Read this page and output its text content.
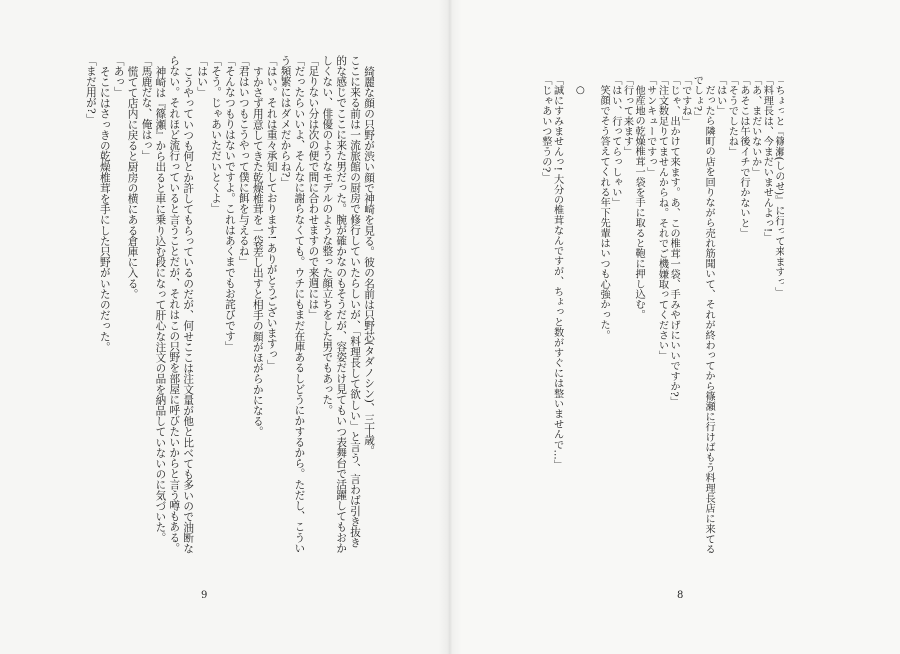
綺麗な顔の只野が渋い顔で神崎を見る。彼の名前は只野芯(タダノシン)、三十歳。
ここに来る前は一流旅館の厨房で修行していたらしいが、「料理長して欲しい」と言う、言わば引き抜き
的な感じでここに来た男だった。腕が確かなのもそうだが、容姿だけ見てもいつ表舞台で活躍してもおか
しくない、俳優のようなモデルのような整った顔立ちをした男でもあった。
「足りない分は次の便で間に合わせますので来週には」
「だったらいいよ、そんなに謝らなくても。ウチにもまだ在庫あるしどうにかするから。ただし、こうい
う頻繁にはダメだからね?」
「はい。それは重々承知しております! ありがとうございますっ」
すかさず用意してきた乾燥椎茸を一袋差し出すと相手の顔がほがらかになる。
「君はいつもこうやって僕に餌を与えるね」
「そんなつもりはないですよ。これはあくまでもお詫びです」
「そう。じゃあいただいとくよ」
「はい」
こうやっていつも何とか許してもらっているのだが、何せここは注文量が他と比べても多いので油断な
らない。それほど流行っていると言うことだが、それはこの只野を部屋に呼びたいからと言う噂もある。
神崎は『篠瀬』から出ると車に乗り込む段になって肝心な注文の品を納品していないのに気づいた。
「馬鹿だな、俺はっ」
慌てて店内に戻ると厨房の横にある倉庫に入る。
「あっ」
そこにはさっきの乾燥椎茸を手にした只野がいたのだった。
「まだ用が?」
9
「ちょっと『篠瀬(しのせ)』に行って来ますっ」
「料理長は、今まだいませんよっ!」
「あ、まだいないか」
「あそこは午後イチで行かないと」
「そうでしたね」
「はい」
だったら隣町の店を回りながら売れ筋聞いて、それが終わってから篠瀬に行けばもう料理長店に来てる
でしょ?」
「ですね」
「じゃ、出かけて来ます。あ、この椎茸一袋、手みやげにいいですか?」
「注文数足りてませんからね。それでご機嫌取ってください」
「サンキューですっ」
他産地の乾燥椎茸一袋を手に取ると鞄に押し込む。
「行って来ます」
「はい、行ってらっしゃい」
笑顔でそう答えてくれる年下先輩はいつも心強かった。
○
「誠にすみませんっ! 大分の椎茸なんですが、ちょっと数がすぐには整いませんで…」
「じゃあいつ整うの?」
8
